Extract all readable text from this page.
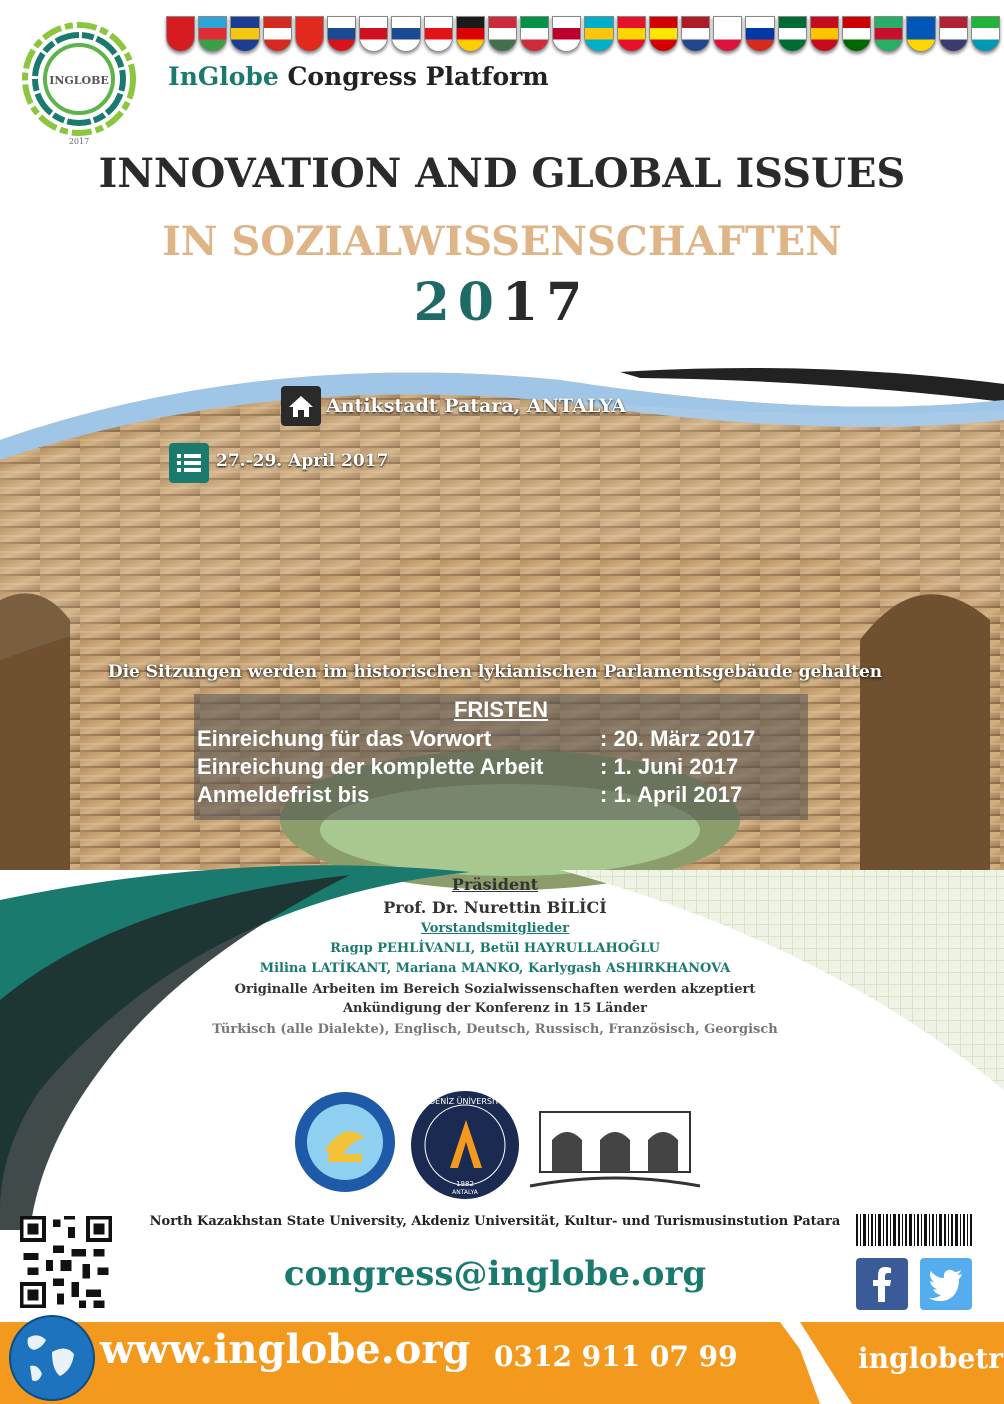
INGLOBE
2017
InGlobe Congress Platform
INNOVATION AND GLOBAL ISSUES
IN SOZIALWISSENSCHAFTEN
2017
Antikstadt Patara, ANTALYA
27.-29. April 2017
Die Sitzungen werden im historischen lykianischen Parlamentsgebäude gehalten
FRISTEN
Einreichung für das Vorwort	: 20. März 2017
Einreichung der komplette Arbeit	: 1. Juni 2017
Anmeldefrist bis	: 1. April 2017
Präsident
Prof. Dr. Nurettin BİLİCİ
Vorstandsmitglieder
Ragıp PEHLİVANLI, Betül HAYRULLAHOĞLU
Milina LATİKANT, Mariana MANKO, Karlygash ASHIRKHANOVA
Originalle Arbeiten im Bereich Sozialwissenschaften werden akzeptiert
Ankündigung der Konferenz in 15 Länder
Türkisch (alle Dialekte), Englisch, Deutsch, Russisch, Französisch, Georgisch
AKDENİZ ÜNİVERSİTESİ
1982
ANTALYA
North Kazakhstan State University, Akdeniz Universität, Kultur- und Turismusinstution Patara
congress@inglobe.org
www.inglobe.org 0312 911 07 99	inglobetr
